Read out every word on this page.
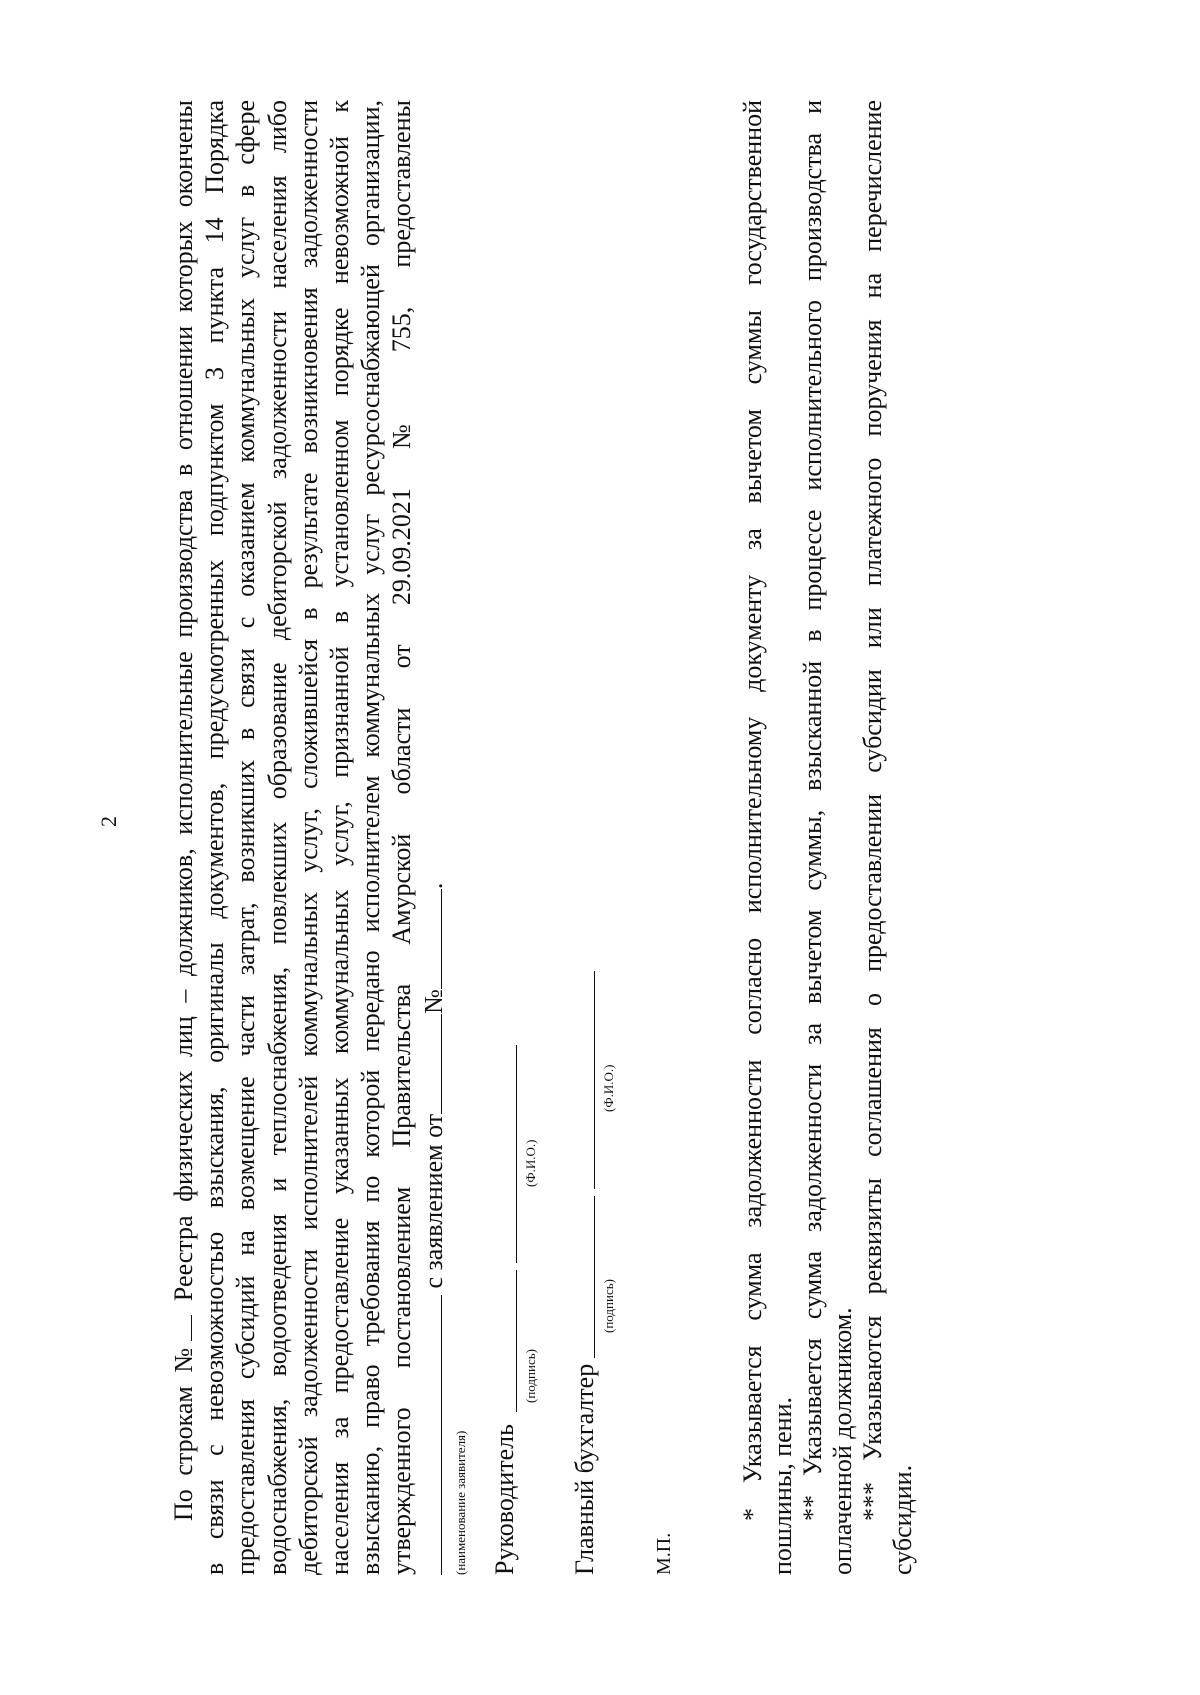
2

По строкам № Реестра физических лиц – должников, исполнительные производства в отношении которых окончены в связи с невозможностью взыскания, оригиналы документов, предусмотренных подпунктом 3 пункта 14 Порядка предоставления субсидий на возмещение части затрат, возникших в связи с оказанием коммунальных услуг в сфере водоснабжения, водоотведения и теплоснабжения, повлекших образование дебиторской задолженности населения либо дебиторской задолженности исполнителей коммунальных услуг, сложившейся в результате возникновения задолженности населения за предоставление указанных коммунальных услуг, признанной в установленном порядке невозможной к взысканию, право требования по которой передано исполнителем коммунальных услуг ресурсоснабжающей организации, утвержденного постановлением Правительства Амурской области от 29.09.2021 № 755, предоставлены с заявлением от№.

(наименование заявителя) Руководитель
(подпись)
(Ф.И.О.)
Главный бухгалтер
(подпись)
(Ф.И.О.)
М.П.

* Указывается сумма задолженности согласно исполнительному документу за вычетом суммы государственной пошлины, пени. ** Указывается сумма задолженности за вычетом суммы, взысканной в процессе исполнительного производства и оплаченной должником. *** Указываются реквизиты соглашения о предоставлении субсидии или платежного поручения на перечисление субсидии.
